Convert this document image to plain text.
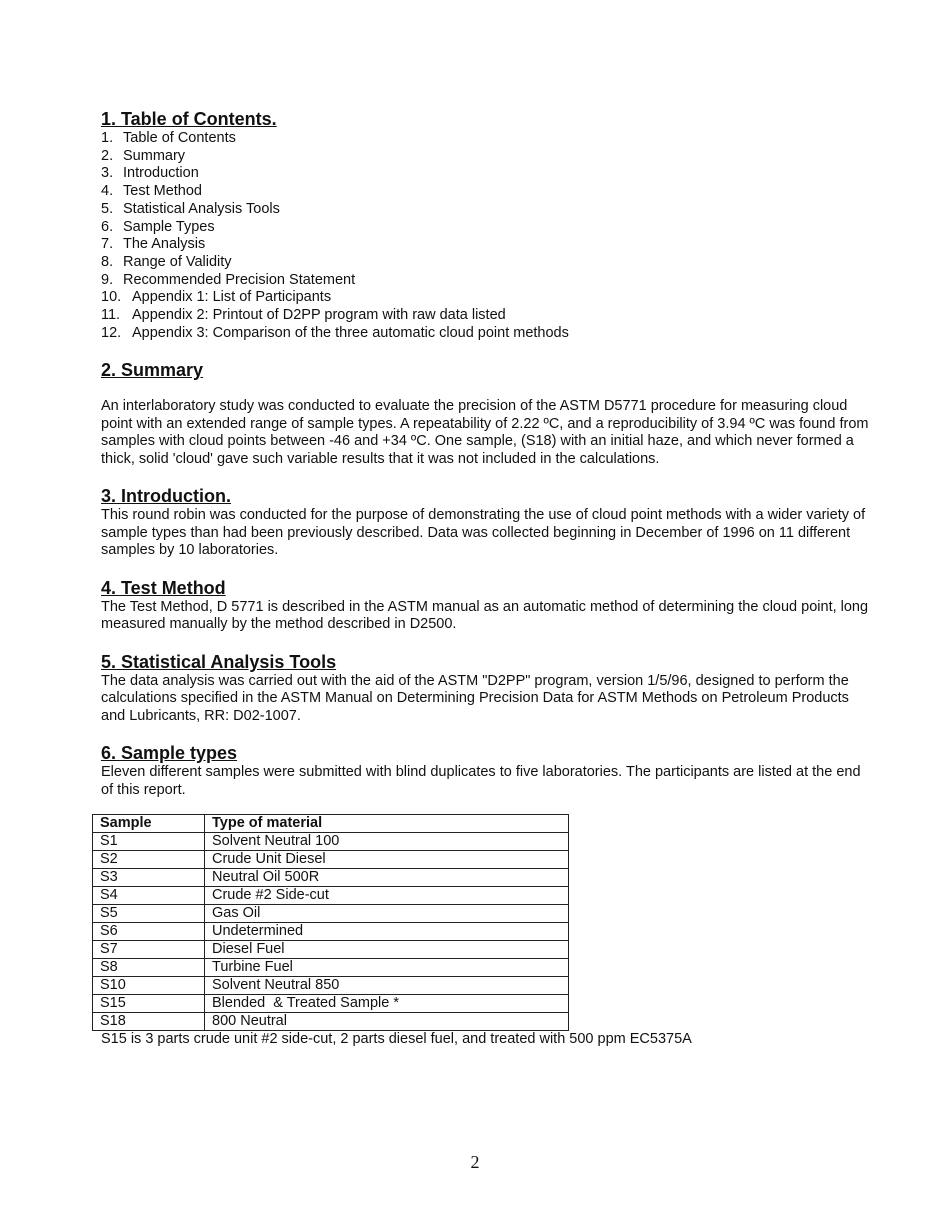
1. Table of Contents.
1. Table of Contents
2. Summary
3. Introduction
4. Test Method
5. Statistical Analysis Tools
6. Sample Types
7. The Analysis
8. Range of Validity
9. Recommended Precision Statement
10. Appendix 1: List of Participants
11. Appendix 2: Printout of D2PP program with raw data listed
12. Appendix 3: Comparison of the three automatic cloud point methods
2. Summary

An interlaboratory study was conducted to evaluate the precision of the ASTM D5771 procedure for measuring cloud point with an extended range of sample types. A repeatability of 2.22 ºC, and a reproducibility of 3.94 ºC was found from samples with cloud points between -46 and +34 ºC. One sample, (S18) with an initial haze, and which never formed a thick, solid 'cloud' gave such variable results that it was not included in the calculations.

3. Introduction.

This round robin was conducted for the purpose of demonstrating the use of cloud point methods with a wider variety of sample types than had been previously described. Data was collected beginning in December of 1996 on 11 different samples by 10 laboratories.

4. Test Method

The Test Method, D 5771 is described in the ASTM manual as an automatic method of determining the cloud point, long measured manually by the method described in D2500.

5. Statistical Analysis Tools

The data analysis was carried out with the aid of the ASTM "D2PP" program, version 1/5/96, designed to perform the calculations specified in the ASTM Manual on Determining Precision Data for ASTM Methods on Petroleum Products and Lubricants, RR: D02-1007.

6. Sample types

Eleven different samples were submitted with blind duplicates to five laboratories. The participants are listed at the end of this report.

Sample	Type of material
S1	Solvent Neutral 100
S2	Crude Unit Diesel
S3	Neutral Oil 500R
S4	Crude #2 Side-cut
S5	Gas Oil
S6	Undetermined
S7	Diesel Fuel
S8	Turbine Fuel
S10	Solvent Neutral 850
S15	Blended  & Treated Sample *
S18	800 Neutral
S15 is 3 parts crude unit #2 side-cut, 2 parts diesel fuel, and treated with 500 ppm EC5375A
2
